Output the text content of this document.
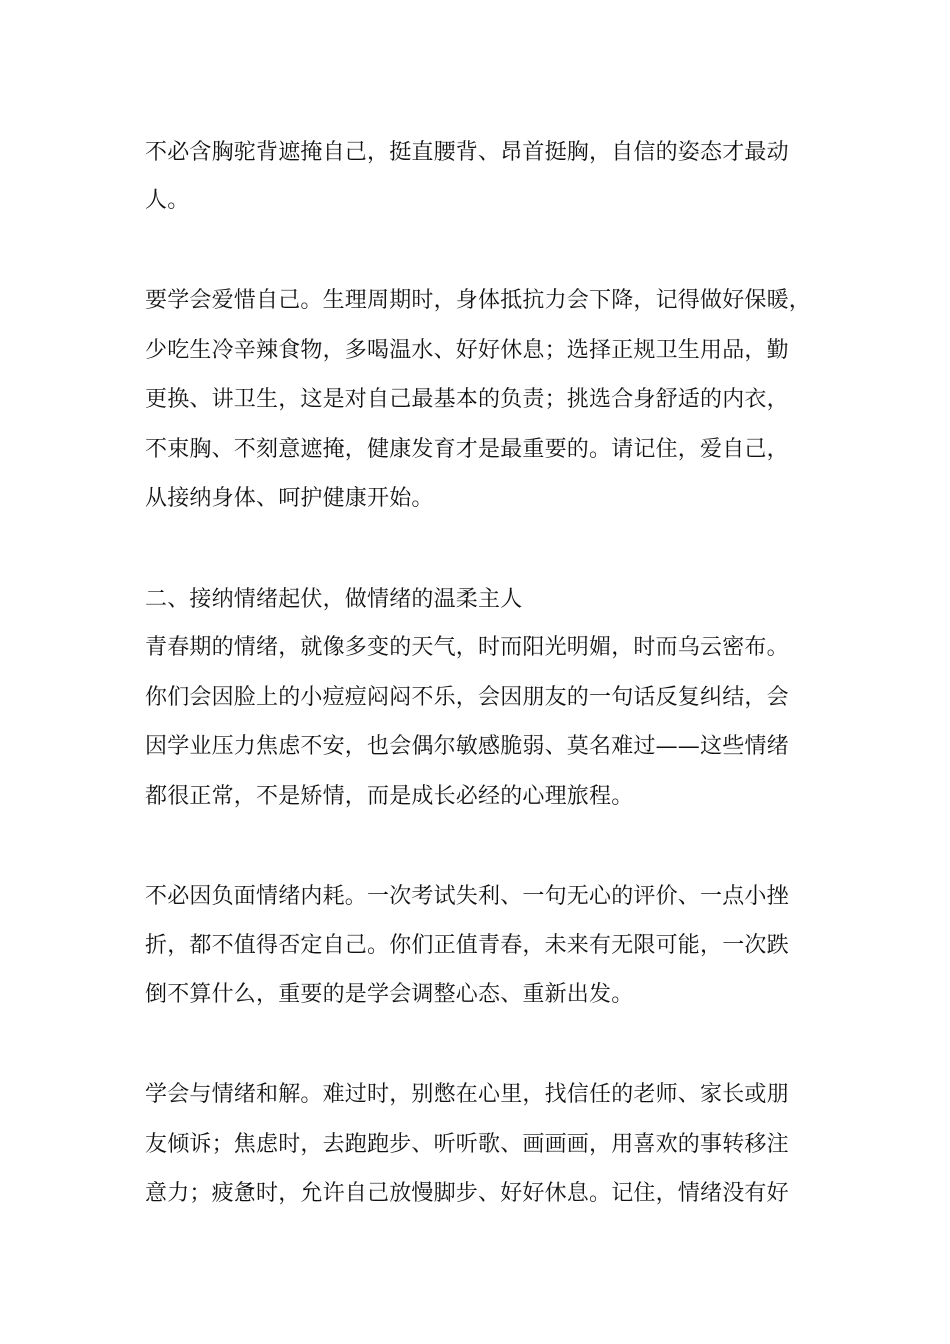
不必含胸驼背遮掩自己，挺直腰背、昂首挺胸，自信的姿态才最动
人。
要学会爱惜自己。生理周期时，身体抵抗力会下降，记得做好保暖，
少吃生冷辛辣食物，多喝温水、好好休息；选择正规卫生用品，勤
更换、讲卫生，这是对自己最基本的负责；挑选合身舒适的内衣，
不束胸、不刻意遮掩，健康发育才是最重要的。请记住，爱自己，
从接纳身体、呵护健康开始。
二、接纳情绪起伏，做情绪的温柔主人
青春期的情绪，就像多变的天气，时而阳光明媚，时而乌云密布。
你们会因脸上的小痘痘闷闷不乐，会因朋友的一句话反复纠结，会
因学业压力焦虑不安，也会偶尔敏感脆弱、莫名难过——这些情绪
都很正常，不是矫情，而是成长必经的心理旅程。
不必因负面情绪内耗。一次考试失利、一句无心的评价、一点小挫
折，都不值得否定自己。你们正值青春，未来有无限可能，一次跌
倒不算什么，重要的是学会调整心态、重新出发。
学会与情绪和解。难过时，别憋在心里，找信任的老师、家长或朋
友倾诉；焦虑时，去跑跑步、听听歌、画画画，用喜欢的事转移注
意力；疲惫时，允许自己放慢脚步、好好休息。记住，情绪没有好
